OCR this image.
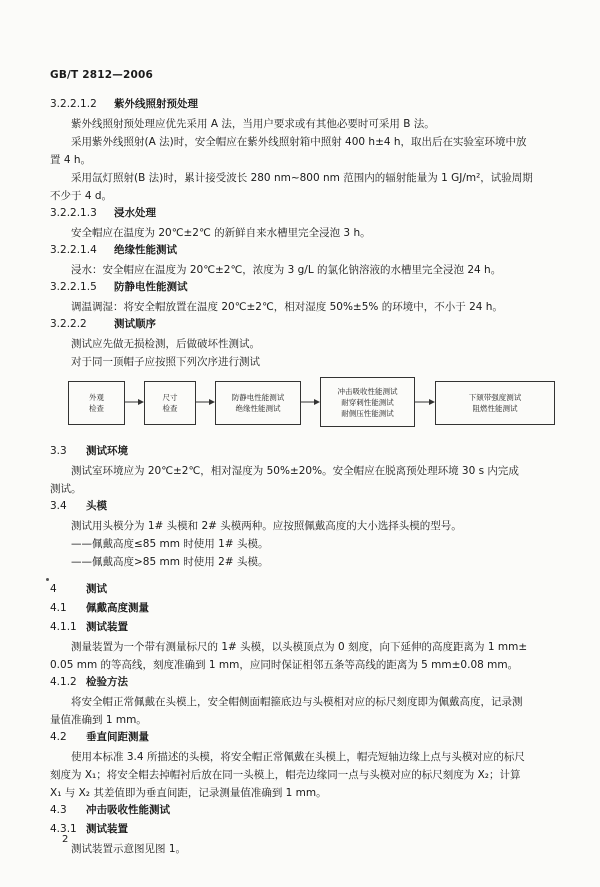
GB/T 2812—2006
3.2.2.1.2 紫外线照射预处理

紫外线照射预处理应优先采用 A 法，当用户要求或有其他必要时可采用 B 法。

采用紫外线照射(A 法)时，安全帽应在紫外线照射箱中照射 400 h±4 h，取出后在实验室环境中放

置 4 h。

采用氙灯照射(B 法)时，累计接受波长 280 nm~800 nm 范围内的辐射能量为 1 GJ/m²，试验周期

不少于 4 d。

3.2.2.1.3 浸水处理

安全帽应在温度为 20℃±2℃ 的新鲜自来水槽里完全浸泡 3 h。

3.2.2.1.4 绝缘性能测试

浸水：安全帽应在温度为 20℃±2℃，浓度为 3 g/L 的氯化钠溶液的水槽里完全浸泡 24 h。

3.2.2.1.5 防静电性能测试

调温调湿：将安全帽放置在温度 20℃±2℃，相对湿度 50%±5% 的环境中，不小于 24 h。

3.2.2.2	测试顺序

测试应先做无损检测，后做破坏性测试。

对于同一顶帽子应按照下列次序进行测试

外观
检查
尺寸
检查
防静电性能测试
绝缘性能测试
冲击吸收性能测试
耐穿刺性能测试
耐侧压性能测试
下颏带强度测试
阻燃性能测试
3.3 测试环境

测试室环境应为 20℃±2℃，相对湿度为 50%±20%。安全帽应在脱离预处理环境 30 s 内完成

测试。

3.4 头模

测试用头模分为 1# 头模和 2# 头模两种。应按照佩戴高度的大小选择头模的型号。

——佩戴高度≤85 mm 时使用 1# 头模。

——佩戴高度>85 mm 时使用 2# 头模。

4	测试
4.1 佩戴高度测量
4.1.1 测试装置

测量装置为一个带有测量标尺的 1# 头模，以头模顶点为 0 刻度，向下延伸的高度距离为 1 mm±

0.05 mm 的等高线，刻度准确到 1 mm，应同时保证相邻五条等高线的距离为 5 mm±0.08 mm。

4.1.2 检验方法

将安全帽正常佩戴在头模上，安全帽侧面帽箍底边与头模相对应的标尺刻度即为佩戴高度，记录测

量值准确到 1 mm。

4.2 垂直间距测量

使用本标准 3.4 所描述的头模，将安全帽正常佩戴在头模上，帽壳短轴边缘上点与头模对应的标尺

刻度为 X₁；将安全帽去掉帽衬后放在同一头模上，帽壳边缘同一点与头模对应的标尺刻度为 X₂；计算

X₁ 与 X₂ 其差值即为垂直间距，记录测量值准确到 1 mm。

4.3 冲击吸收性能测试
4.3.1 测试装置

测试装置示意图见图 1。

2
